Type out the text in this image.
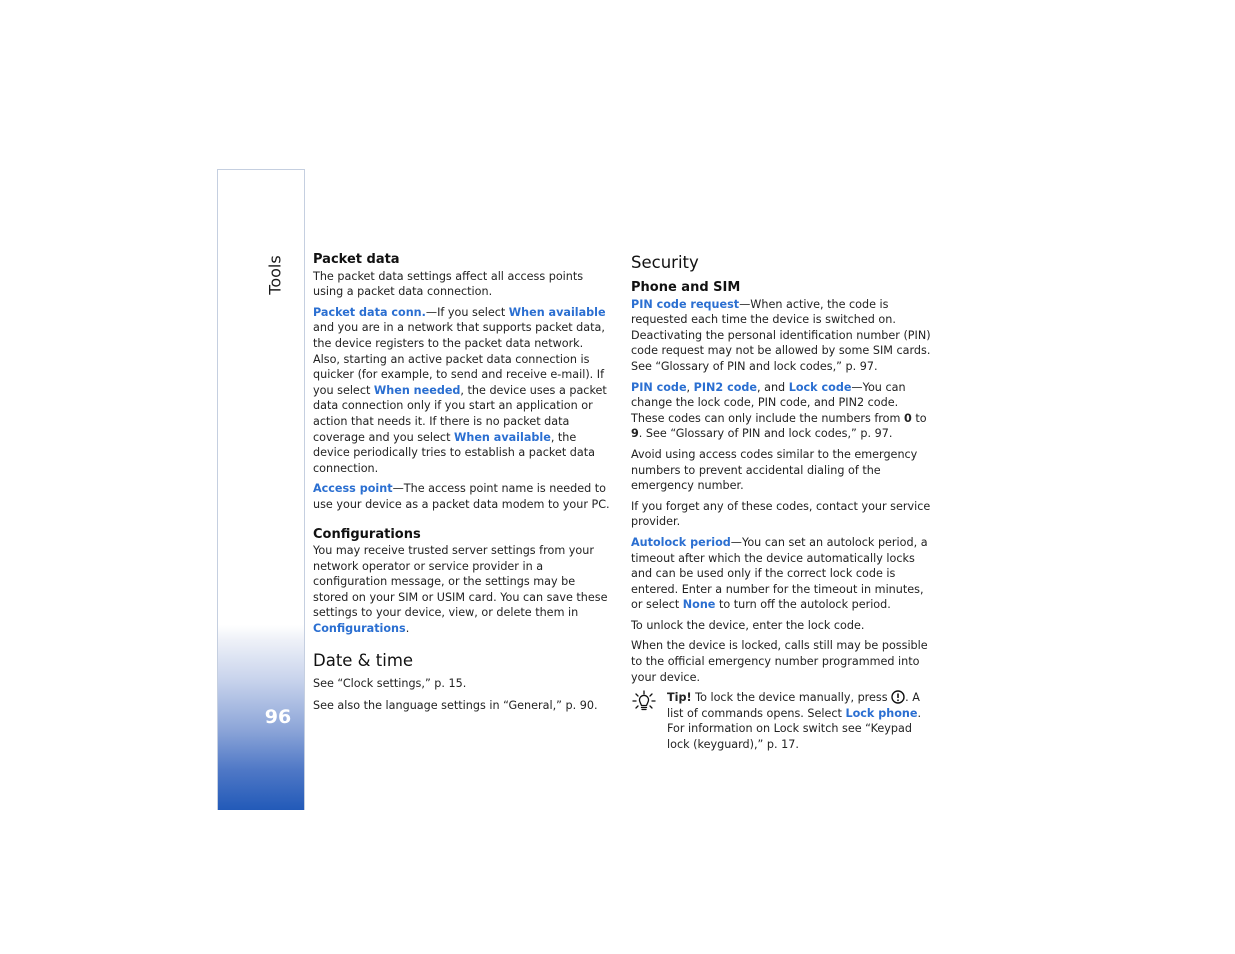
Tools
96
Packet data

The packet data settings affect all access points using a packet data connection.

Packet data conn.—If you select When available and you are in a network that supports packet data, the device registers to the packet data network. Also, starting an active packet data connection is quicker (for example, to send and receive e-mail). If you select When needed, the device uses a packet data connection only if you start an application or action that needs it. If there is no packet data coverage and you select When available, the device periodically tries to establish a packet data connection.

Access point—The access point name is needed to use your device as a packet data modem to your PC.

Configurations

You may receive trusted server settings from your network operator or service provider in a configuration message, or the settings may be stored on your SIM or USIM card. You can save these settings to your device, view, or delete them in Configurations.

Date & time

See “Clock settings,” p. 15.

See also the language settings in “General,” p. 90.

Security
Phone and SIM

PIN code request—When active, the code is requested each time the device is switched on. Deactivating the personal identification number (PIN) code request may not be allowed by some SIM cards. See “Glossary of PIN and lock codes,” p. 97.

PIN code, PIN2 code, and Lock code—You can change the lock code, PIN code, and PIN2 code. These codes can only include the numbers from 0 to 9. See “Glossary of PIN and lock codes,” p. 97.

Avoid using access codes similar to the emergency numbers to prevent accidental dialing of the emergency number.

If you forget any of these codes, contact your service provider.

Autolock period—You can set an autolock period, a timeout after which the device automatically locks and can be used only if the correct lock code is entered. Enter a number for the timeout in minutes, or select None to turn off the autolock period.

To unlock the device, enter the lock code.

When the device is locked, calls still may be possible to the official emergency number programmed into your device.

Tip! To lock the device manually, press . A list of commands opens. Select Lock phone. For information on Lock switch see “Keypad lock (keyguard),” p. 17.
